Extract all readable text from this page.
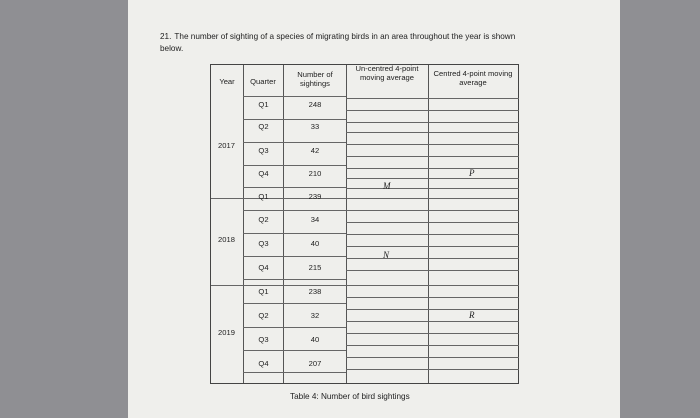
21. The number of sighting of a species of migrating birds in an area throughout the year is shown
below.
Year	Quarter
Number of sightings
Un-centred 4-point moving average	Centred 4-point moving average
2017
2018
2019
Q1
Q2
Q3
Q4
Q1
Q2
Q3
Q4
Q1
Q2
Q3
Q4
248
33
42
210
239
34
40
215
238
32
40
207
M
P
N
R
Table 4: Number of bird sightings
